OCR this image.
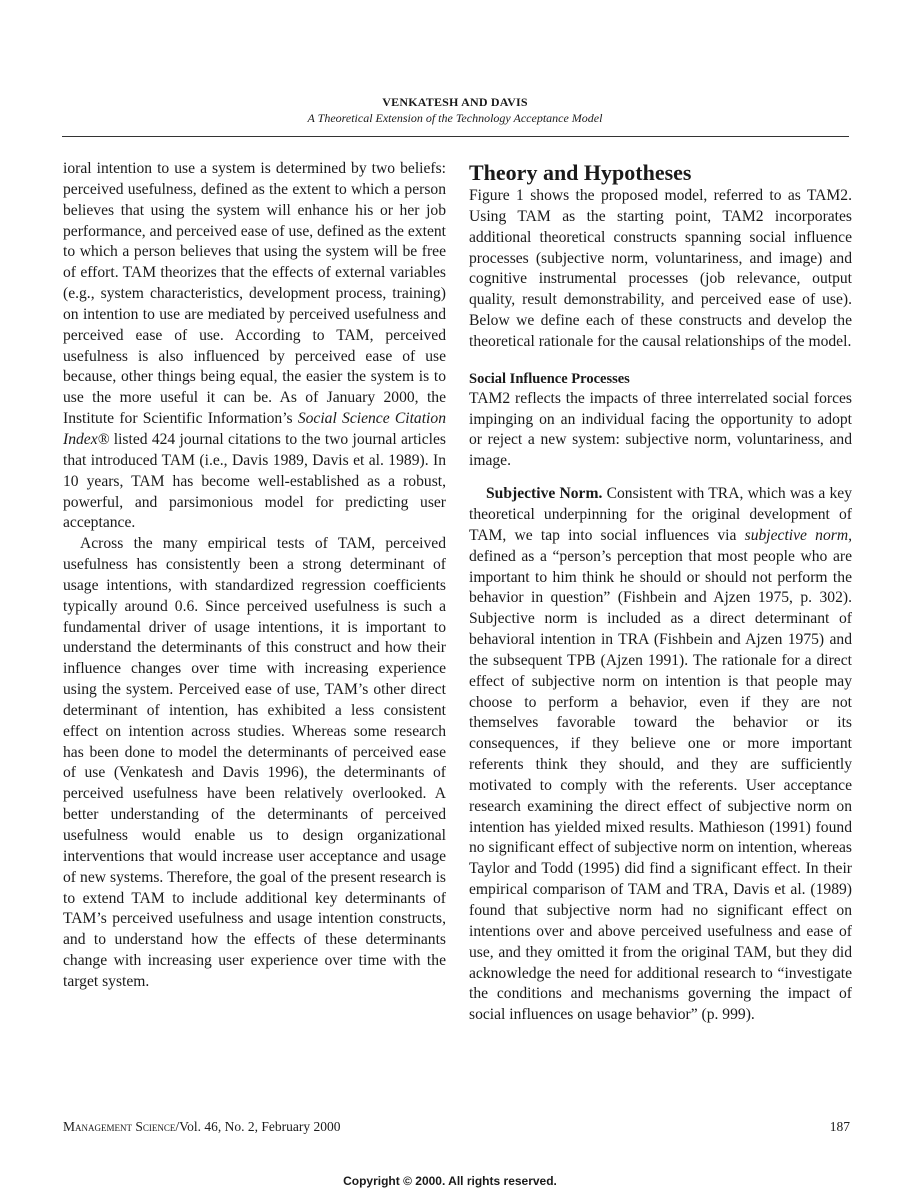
VENKATESH AND DAVIS
A Theoretical Extension of the Technology Acceptance Model

ioral intention to use a system is determined by two beliefs: perceived usefulness, defined as the extent to which a person believes that using the system will enhance his or her job performance, and perceived ease of use, defined as the extent to which a person believes that using the system will be free of effort. TAM theorizes that the effects of external variables (e.g., system characteristics, development process, training) on intention to use are mediated by perceived usefulness and perceived ease of use. According to TAM, perceived usefulness is also influenced by perceived ease of use because, other things being equal, the easier the system is to use the more useful it can be. As of January 2000, the Institute for Scientific Information’s Social Science Citation Index® listed 424 journal citations to the two journal articles that introduced TAM (i.e., Davis 1989, Davis et al. 1989). In 10 years, TAM has become well-established as a robust, powerful, and parsimonious model for predicting user acceptance.

Across the many empirical tests of TAM, perceived usefulness has consistently been a strong determinant of usage intentions, with standardized regression coefficients typically around 0.6. Since perceived usefulness is such a fundamental driver of usage intentions, it is important to understand the determinants of this construct and how their influence changes over time with increasing experience using the system. Perceived ease of use, TAM’s other direct determinant of intention, has exhibited a less consistent effect on intention across studies. Whereas some research has been done to model the determinants of perceived ease of use (Venkatesh and Davis 1996), the determinants of perceived usefulness have been relatively overlooked. A better understanding of the determinants of perceived usefulness would enable us to design organizational interventions that would increase user acceptance and usage of new systems. Therefore, the goal of the present research is to extend TAM to include additional key determinants of TAM’s perceived usefulness and usage intention constructs, and to understand how the effects of these determinants change with increasing user experience over time with the target system.

Theory and Hypotheses

Figure 1 shows the proposed model, referred to as TAM2. Using TAM as the starting point, TAM2 incorporates additional theoretical constructs spanning social influence processes (subjective norm, voluntariness, and image) and cognitive instrumental processes (job relevance, output quality, result demonstrability, and perceived ease of use). Below we define each of these constructs and develop the theoretical rationale for the causal relationships of the model.

Social Influence Processes

TAM2 reflects the impacts of three interrelated social forces impinging on an individual facing the opportunity to adopt or reject a new system: subjective norm, voluntariness, and image.

Subjective Norm. Consistent with TRA, which was a key theoretical underpinning for the original development of TAM, we tap into social influences via subjective norm, defined as a “person’s perception that most people who are important to him think he should or should not perform the behavior in question” (Fishbein and Ajzen 1975, p. 302). Subjective norm is included as a direct determinant of behavioral intention in TRA (Fishbein and Ajzen 1975) and the subsequent TPB (Ajzen 1991). The rationale for a direct effect of subjective norm on intention is that people may choose to perform a behavior, even if they are not themselves favorable toward the behavior or its consequences, if they believe one or more important referents think they should, and they are sufficiently motivated to comply with the referents. User acceptance research examining the direct effect of subjective norm on intention has yielded mixed results. Mathieson (1991) found no significant effect of subjective norm on intention, whereas Taylor and Todd (1995) did find a significant effect. In their empirical comparison of TAM and TRA, Davis et al. (1989) found that subjective norm had no significant effect on intentions over and above perceived usefulness and ease of use, and they omitted it from the original TAM, but they did acknowledge the need for additional research to “investigate the conditions and mechanisms governing the impact of social influences on usage behavior” (p. 999).

Management Science/Vol. 46, No. 2, February 2000	187
Copyright © 2000. All rights reserved.
